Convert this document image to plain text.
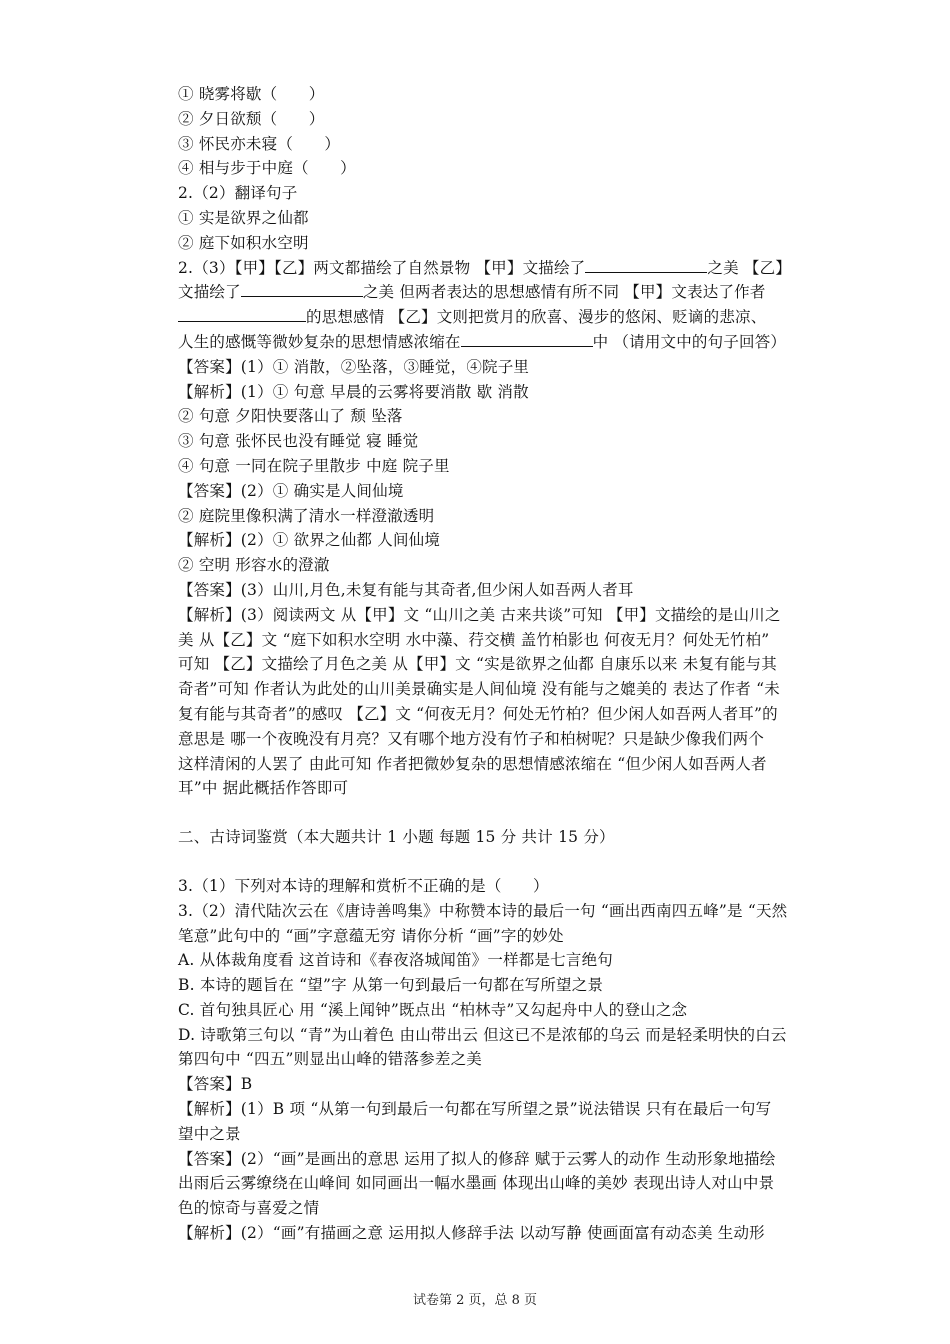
① 晓雾将歇（　　）
② 夕日欲颓（　　）
③ 怀民亦未寝（　　）
④ 相与步于中庭（　　）
2.（2）翻译句子
① 实是欲界之仙都
② 庭下如积水空明
2.（3）【甲】【乙】两文都描绘了自然景物 【甲】文描绘了	之美 【乙】
文描绘了	之美 但两者表达的思想感情有所不同 【甲】文表达了作者
的思想感情 【乙】文则把赏月的欣喜、漫步的悠闲、贬谪的悲凉、
人生的感慨等微妙复杂的思想情感浓缩在	中 （请用文中的句子回答）
【答案】(1）① 消散，②坠落，③睡觉，④院子里
【解析】(1）① 句意 早晨的云雾将要消散 歇 消散
② 句意 夕阳快要落山了 颓 坠落
③ 句意 张怀民也没有睡觉 寝 睡觉
④ 句意 一同在院子里散步 中庭 院子里
【答案】(2）① 确实是人间仙境
② 庭院里像积满了清水一样澄澈透明
【解析】(2）① 欲界之仙都 人间仙境
② 空明 形容水的澄澈
【答案】(3）山川,月色,未复有能与其奇者,但少闲人如吾两人者耳
【解析】(3）阅读两文 从【甲】文 “山川之美 古来共谈”可知 【甲】文描绘的是山川之
美 从【乙】文 “庭下如积水空明 水中藻、荇交横 盖竹柏影也 何夜无月？何处无竹柏”
可知 【乙】文描绘了月色之美 从【甲】文 “实是欲界之仙都 自康乐以来 未复有能与其
奇者”可知 作者认为此处的山川美景确实是人间仙境 没有能与之媲美的 表达了作者 “未
复有能与其奇者”的感叹 【乙】文 “何夜无月？何处无竹柏？但少闲人如吾两人者耳”的
意思是 哪一个夜晚没有月亮？又有哪个地方没有竹子和柏树呢？只是缺少像我们两个
这样清闲的人罢了 由此可知 作者把微妙复杂的思想情感浓缩在 “但少闲人如吾两人者
耳”中 据此概括作答即可
二、古诗词鉴赏（本大题共计 1 小题 每题 15 分 共计 15 分）
3.（1）下列对本诗的理解和赏析不正确的是（　　）
3.（2）清代陆次云在《唐诗善鸣集》中称赞本诗的最后一句 “画出西南四五峰”是 “天然
笔意”此句中的 “画”字意蕴无穷 请你分析 “画”字的妙处
A. 从体裁角度看 这首诗和《春夜洛城闻笛》一样都是七言绝句
B. 本诗的题旨在 “望”字 从第一句到最后一句都在写所望之景
C. 首句独具匠心 用 “溪上闻钟”既点出 “柏林寺”又勾起舟中人的登山之念
D. 诗歌第三句以 “青”为山着色 由山带出云 但这已不是浓郁的乌云 而是轻柔明快的白云
第四句中 “四五”则显出山峰的错落参差之美
【答案】B
【解析】(1）B 项 “从第一句到最后一句都在写所望之景”说法错误 只有在最后一句写
望中之景
【答案】(2）“画”是画出的意思 运用了拟人的修辞 赋于云雾人的动作 生动形象地描绘
出雨后云雾缭绕在山峰间 如同画出一幅水墨画 体现出山峰的美妙 表现出诗人对山中景
色的惊奇与喜爱之情
【解析】(2）“画”有描画之意 运用拟人修辞手法 以动写静 使画面富有动态美 生动形
试卷第 2 页，总 8 页
